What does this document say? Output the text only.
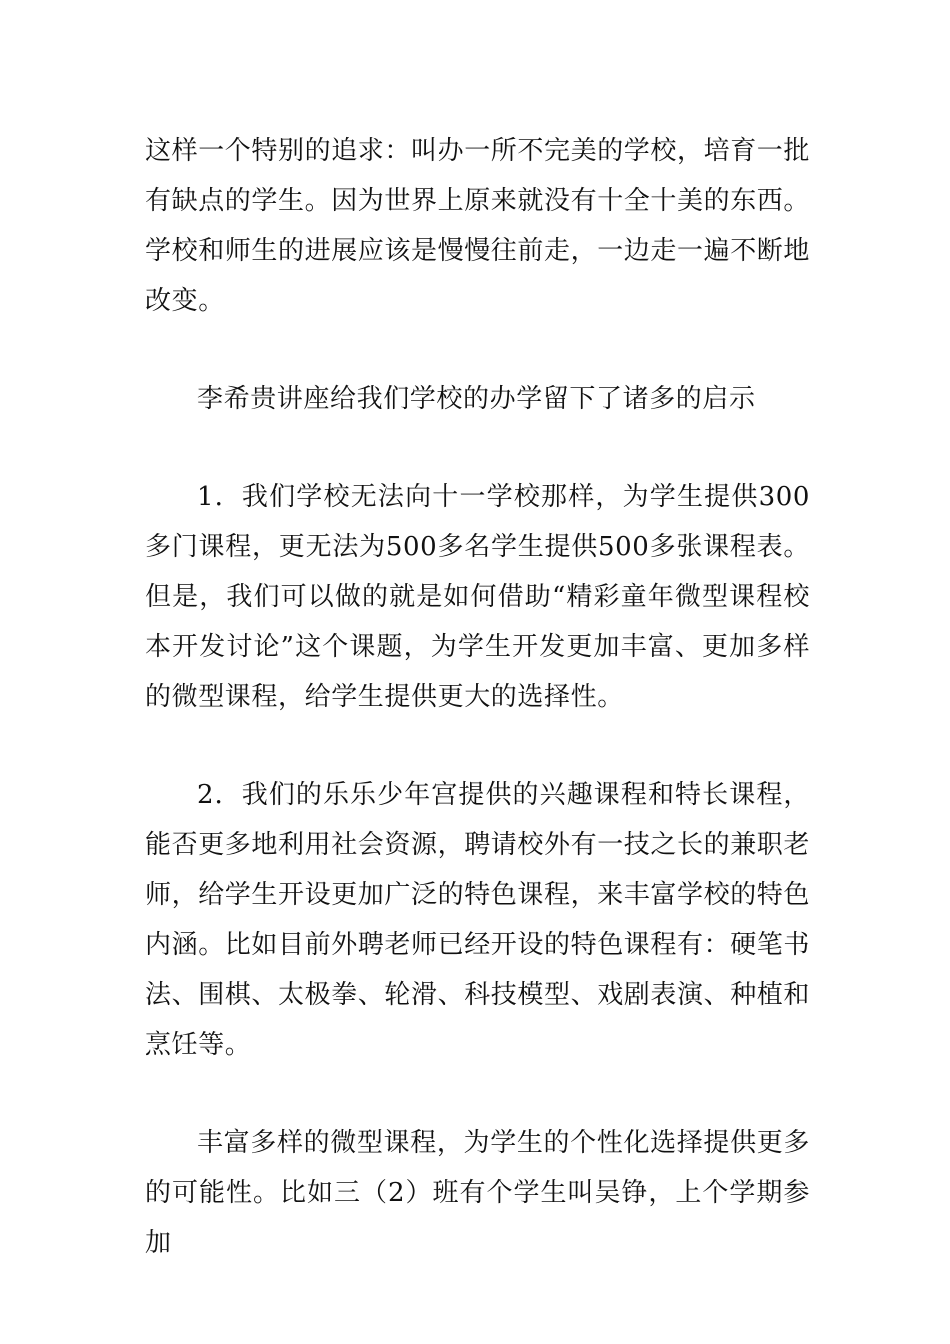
这样一个特别的追求：叫办一所不完美的学校，培育一批有缺点的学生。因为世界上原来就没有十全十美的东西。学校和师生的进展应该是慢慢往前走，一边走一遍不断地改变。

李希贵讲座给我们学校的办学留下了诸多的启示

1．我们学校无法向十一学校那样，为学生提供300多门课程，更无法为500多名学生提供500多张课程表。但是，我们可以做的就是如何借助“精彩童年微型课程校本开发讨论”这个课题，为学生开发更加丰富、更加多样的微型课程，给学生提供更大的选择性。

2．我们的乐乐少年宫提供的兴趣课程和特长课程，能否更多地利用社会资源，聘请校外有一技之长的兼职老师，给学生开设更加广泛的特色课程，来丰富学校的特色内涵。比如目前外聘老师已经开设的特色课程有：硬笔书法、围棋、太极拳、轮滑、科技模型、戏剧表演、种植和烹饪等。

丰富多样的微型课程，为学生的个性化选择提供更多的可能性。比如三（2）班有个学生叫吴铮，上个学期参加
